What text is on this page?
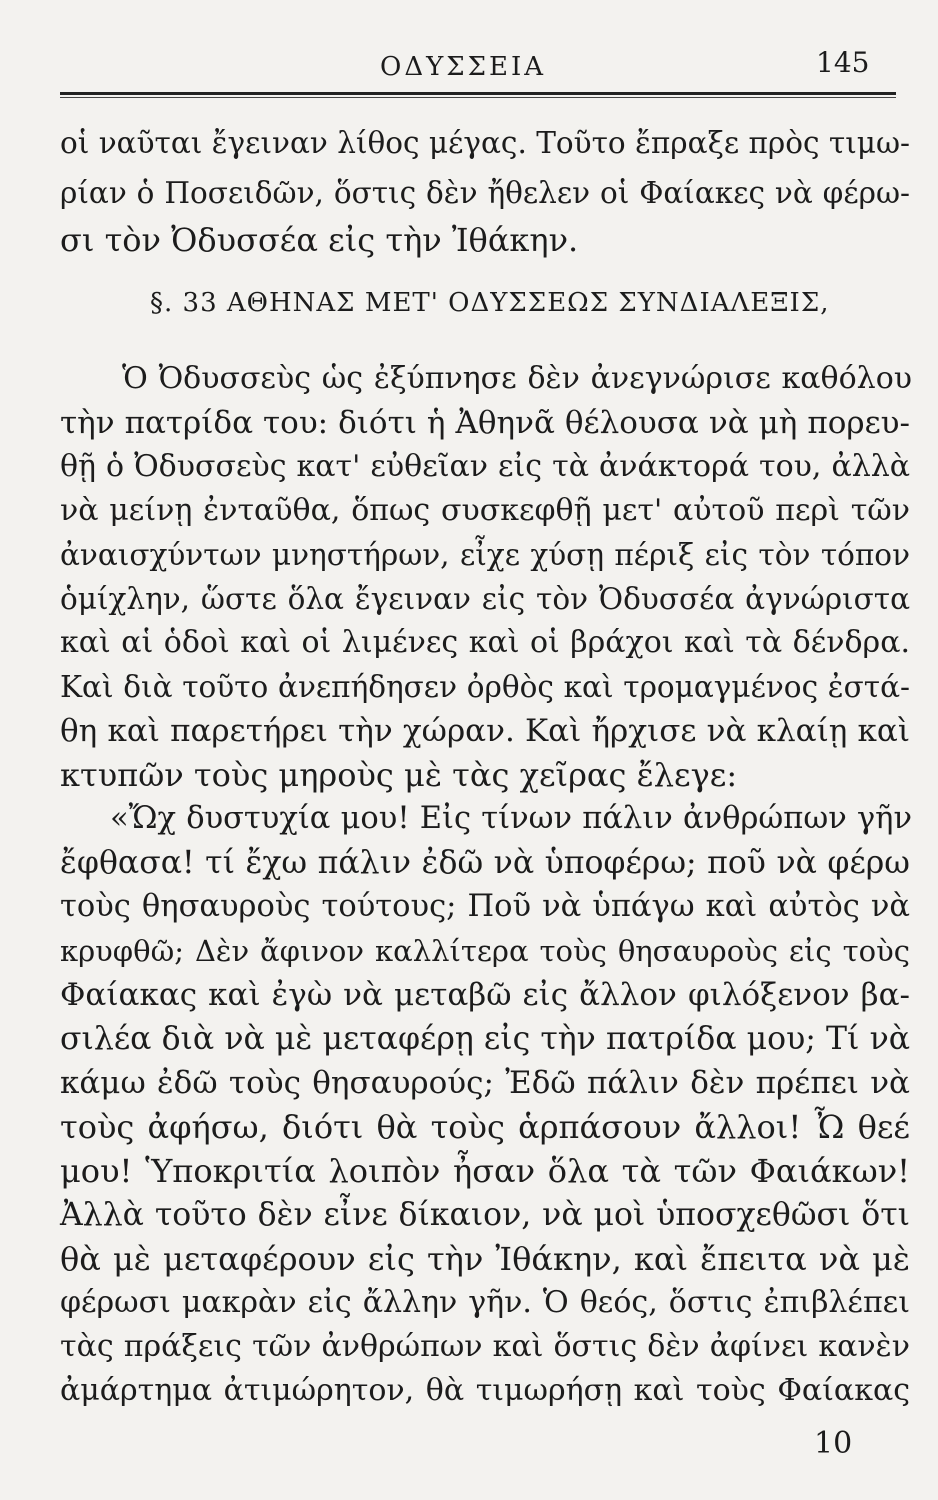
ΟΔΥΣΣΕΙΑ	145
οἱ ναῦται ἔγειναν λίθος μέγας. Τοῦτο ἔπραξε πρὸς τιμω-
ρίαν ὁ Ποσειδῶν, ὅστις δὲν ἤθελεν οἱ Φαίακες νὰ φέρω-
σι τὸν Ὀδυσσέα εἰς τὴν Ἰθάκην.
§. 33 ΑΘΗΝΑΣ ΜΕΤ' ΟΔΥΣΣΕΩΣ ΣΥΝΔΙΑΛΕΞΙΣ,
Ὁ Ὀδυσσεὺς ὡς ἐξύπνησε δὲν ἀνεγνώρισε καθόλου
τὴν πατρίδα του: διότι ἡ Ἀθηνᾶ θέλουσα νὰ μὴ πορευ-
θῇ ὁ Ὀδυσσεὺς κατ' εὐθεῖαν εἰς τὰ ἀνάκτορά του, ἀλλὰ
νὰ μείνῃ ἐνταῦθα, ὅπως συσκεφθῇ μετ' αὐτοῦ περὶ τῶν
ἀναισχύντων μνηστήρων, εἶχε χύσῃ πέριξ εἰς τὸν τόπον
ὁμίχλην, ὥστε ὅλα ἔγειναν εἰς τὸν Ὀδυσσέα ἀγνώριστα
καὶ αἱ ὁδοὶ καὶ οἱ λιμένες καὶ οἱ βράχοι καὶ τὰ δένδρα.
Καὶ διὰ τοῦτο ἀνεπήδησεν ὀρθὸς καὶ τρομαγμένος ἐστά-
θη καὶ παρετήρει τὴν χώραν. Καὶ ἤρχισε νὰ κλαίῃ καὶ
κτυπῶν τοὺς μηροὺς μὲ τὰς χεῖρας ἔλεγε:
«Ὤχ δυστυχία μου! Εἰς τίνων πάλιν ἀνθρώπων γῆν
ἔφθασα! τί ἔχω πάλιν ἐδῶ νὰ ὑποφέρω; ποῦ νὰ φέρω
τοὺς θησαυροὺς τούτους; Ποῦ νὰ ὑπάγω καὶ αὐτὸς νὰ
κρυφθῶ; Δὲν ἄφινον καλλίτερα τοὺς θησαυροὺς εἰς τοὺς
Φαίακας καὶ ἐγὼ νὰ μεταβῶ εἰς ἄλλον φιλόξενον βα-
σιλέα διὰ νὰ μὲ μεταφέρῃ εἰς τὴν πατρίδα μου; Τί νὰ
κάμω ἐδῶ τοὺς θησαυρούς; Ἐδῶ πάλιν δὲν πρέπει νὰ
τοὺς ἀφήσω, διότι θὰ τοὺς ἁρπάσουν ἄλλοι! Ὦ θεέ
μου! Ὑποκριτία λοιπὸν ἦσαν ὅλα τὰ τῶν Φαιάκων!
Ἀλλὰ τοῦτο δὲν εἶνε δίκαιον, νὰ μοὶ ὑποσχεθῶσι ὅτι
θὰ μὲ μεταφέρουν εἰς τὴν Ἰθάκην, καὶ ἔπειτα νὰ μὲ
φέρωσι μακρὰν εἰς ἄλλην γῆν. Ὁ θεός, ὅστις ἐπιβλέπει
τὰς πράξεις τῶν ἀνθρώπων καὶ ὅστις δὲν ἀφίνει κανὲν
ἀμάρτημα ἀτιμώρητον, θὰ τιμωρήσῃ καὶ τοὺς Φαίακας
10
